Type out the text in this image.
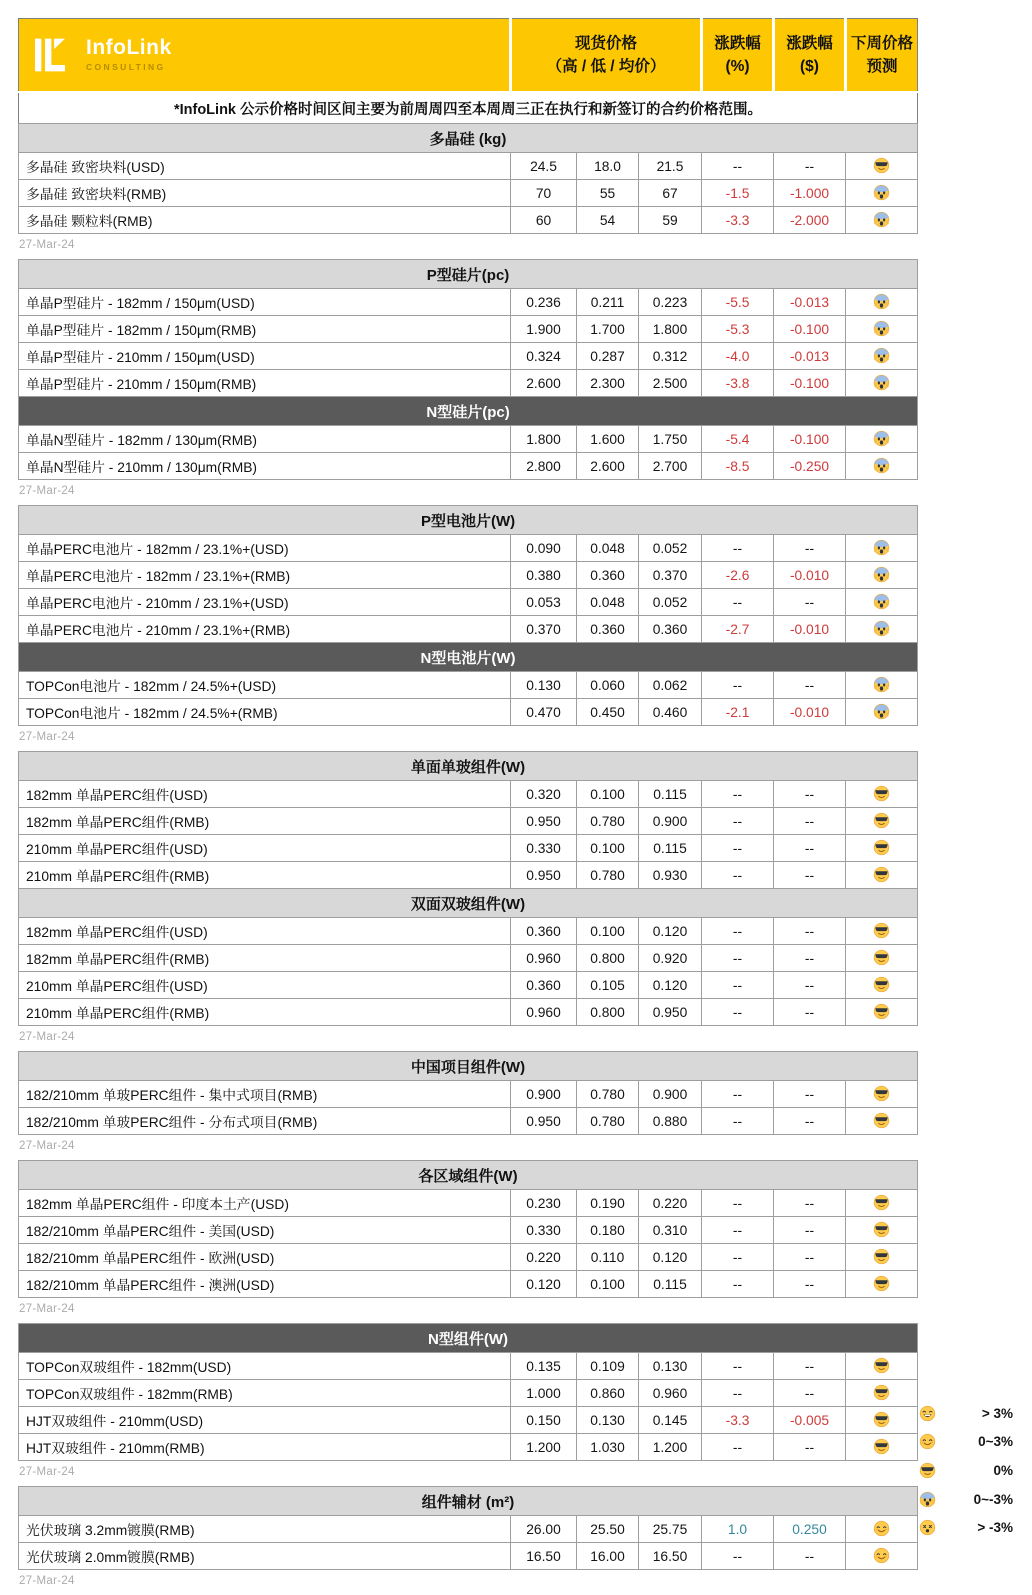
InfoLink
CONSULTING

现货价格
（高 / 低 / 均价）

涨跌幅
(%)

涨跌幅
($)

下周价格
预测

*InfoLink 公示价格时间区间主要为前周周四至本周周三正在执行和新签订的合约价格范围。						
多晶硅 (kg)						
多晶硅 致密块料(USD)	24.5	18.0	21.5	--	--	
多晶硅 致密块料(RMB)	70	55	67	-1.5	-1.000	
多晶硅 颗粒料(RMB)	60	54	59	-3.3	-2.000	
27-Mar-24
P型硅片(pc)						
单晶P型硅片 - 182mm / 150μm(USD)	0.236	0.211	0.223	-5.5	-0.013	
单晶P型硅片 - 182mm / 150μm(RMB)	1.900	1.700	1.800	-5.3	-0.100	
单晶P型硅片 - 210mm / 150μm(USD)	0.324	0.287	0.312	-4.0	-0.013	
单晶P型硅片 - 210mm / 150μm(RMB)	2.600	2.300	2.500	-3.8	-0.100	
N型硅片(pc)						
单晶N型硅片 - 182mm / 130μm(RMB)	1.800	1.600	1.750	-5.4	-0.100	
单晶N型硅片 - 210mm / 130μm(RMB)	2.800	2.600	2.700	-8.5	-0.250	
27-Mar-24
P型电池片(W)						
单晶PERC电池片 - 182mm / 23.1%+(USD)	0.090	0.048	0.052	--	--	
单晶PERC电池片 - 182mm / 23.1%+(RMB)	0.380	0.360	0.370	-2.6	-0.010	
单晶PERC电池片 - 210mm / 23.1%+(USD)	0.053	0.048	0.052	--	--	
单晶PERC电池片 - 210mm / 23.1%+(RMB)	0.370	0.360	0.360	-2.7	-0.010	
N型电池片(W)						
TOPCon电池片 - 182mm / 24.5%+(USD)	0.130	0.060	0.062	--	--	
TOPCon电池片 - 182mm / 24.5%+(RMB)	0.470	0.450	0.460	-2.1	-0.010	
27-Mar-24
单面单玻组件(W)						
182mm 单晶PERC组件(USD)	0.320	0.100	0.115	--	--	
182mm 单晶PERC组件(RMB)	0.950	0.780	0.900	--	--	
210mm 单晶PERC组件(USD)	0.330	0.100	0.115	--	--	
210mm 单晶PERC组件(RMB)	0.950	0.780	0.930	--	--	
双面双玻组件(W)						
182mm 单晶PERC组件(USD)	0.360	0.100	0.120	--	--	
182mm 单晶PERC组件(RMB)	0.960	0.800	0.920	--	--	
210mm 单晶PERC组件(USD)	0.360	0.105	0.120	--	--	
210mm 单晶PERC组件(RMB)	0.960	0.800	0.950	--	--	
27-Mar-24
中国项目组件(W)						
182/210mm 单玻PERC组件 - 集中式项目(RMB)	0.900	0.780	0.900	--	--	
182/210mm 单玻PERC组件 - 分布式项目(RMB)	0.950	0.780	0.880	--	--	
27-Mar-24
各区域组件(W)						
182mm 单晶PERC组件 - 印度本土产(USD)	0.230	0.190	0.220	--	--	
182/210mm 单晶PERC组件 - 美国(USD)	0.330	0.180	0.310	--	--	
182/210mm 单晶PERC组件 - 欧洲(USD)	0.220	0.110	0.120	--	--	
182/210mm 单晶PERC组件 - 澳洲(USD)	0.120	0.100	0.115	--	--	
27-Mar-24
N型组件(W)						
TOPCon双玻组件 - 182mm(USD)	0.135	0.109	0.130	--	--	
TOPCon双玻组件 - 182mm(RMB)	1.000	0.860	0.960	--	--	
HJT双玻组件 - 210mm(USD)	0.150	0.130	0.145	-3.3	-0.005	
HJT双玻组件 - 210mm(RMB)	1.200	1.030	1.200	--	--	
27-Mar-24
组件辅材 (m²)						
光伏玻璃 3.2mm镀膜(RMB)	26.00	25.50	25.75	1.0	0.250	
光伏玻璃 2.0mm镀膜(RMB)	16.50	16.00	16.50	--	--	
27-Mar-24
> 3%
0~3%
0%
0~-3%
> -3%
